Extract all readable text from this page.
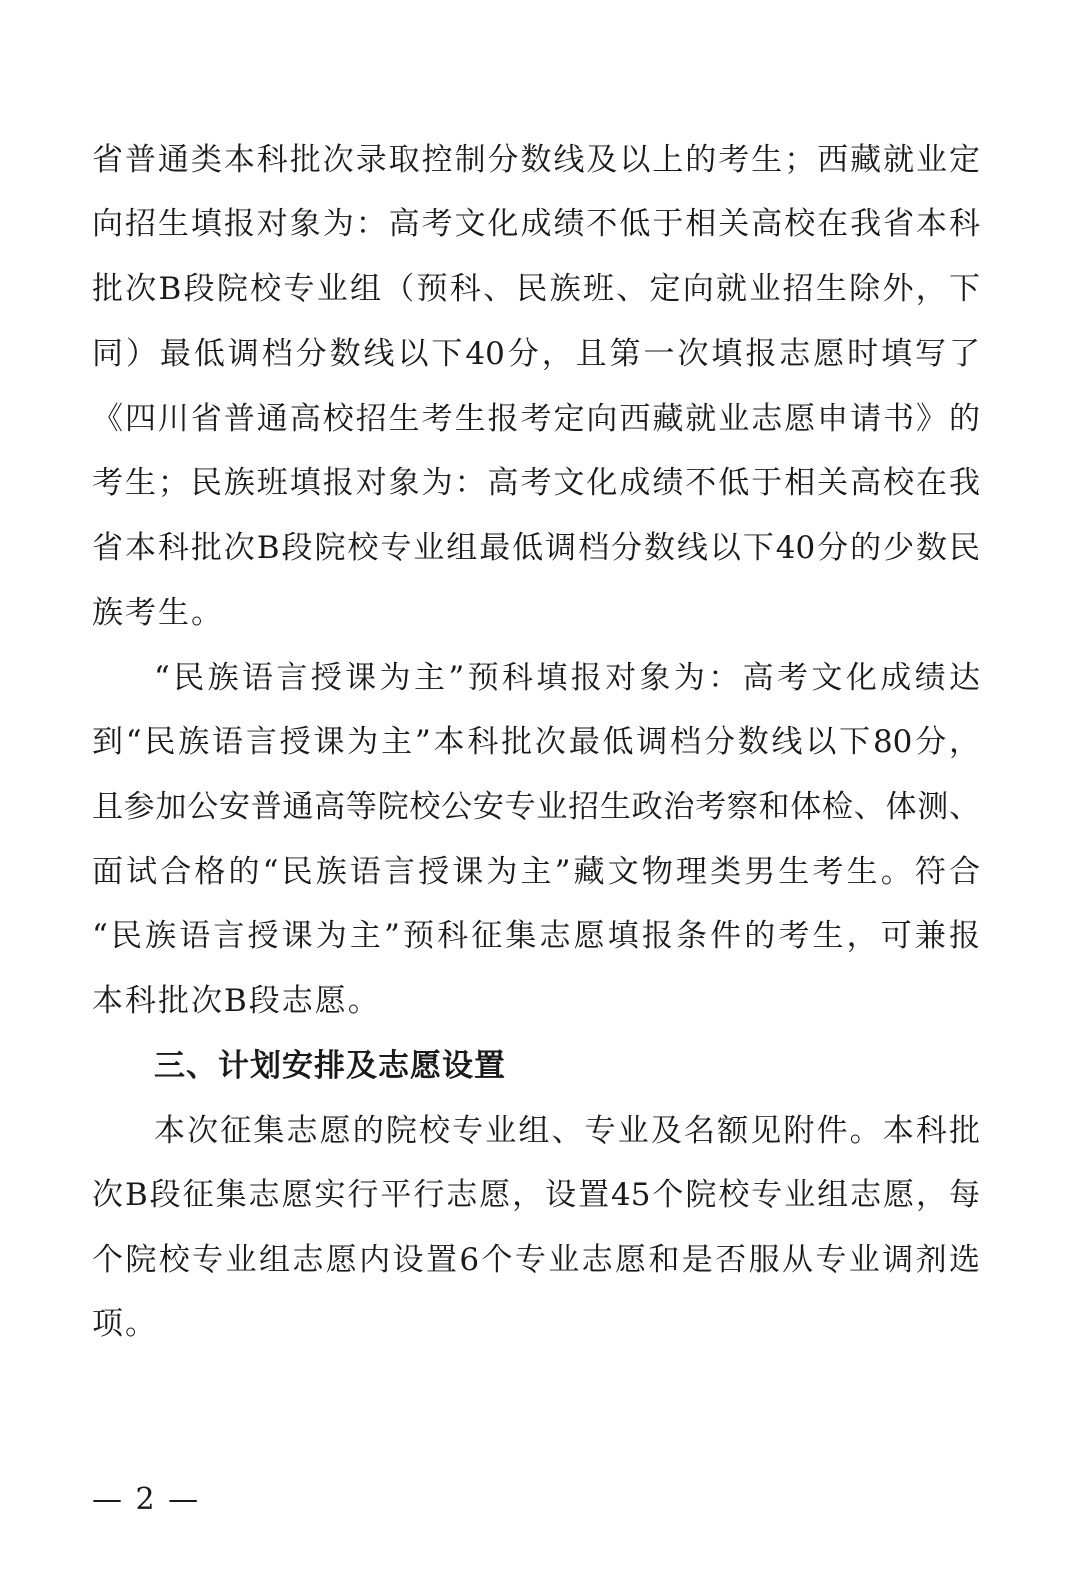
省普通类本科批次录取控制分数线及以上的考生；西藏就业定
向招生填报对象为：高考文化成绩不低于相关高校在我省本科
批次B段院校专业组（预科、民族班、定向就业招生除外，下
同）最低调档分数线以下40分，且第一次填报志愿时填写了
《四川省普通高校招生考生报考定向西藏就业志愿申请书》的
考生；民族班填报对象为：高考文化成绩不低于相关高校在我
省本科批次B段院校专业组最低调档分数线以下40分的少数民
族考生。
“民族语言授课为主”预科填报对象为：高考文化成绩达
到“民族语言授课为主”本科批次最低调档分数线以下80分，
且参加公安普通高等院校公安专业招生政治考察和体检、体测、
面试合格的“民族语言授课为主”藏文物理类男生考生。符合
“民族语言授课为主”预科征集志愿填报条件的考生，可兼报
本科批次B段志愿。
三、计划安排及志愿设置
本次征集志愿的院校专业组、专业及名额见附件。本科批
次B段征集志愿实行平行志愿，设置45个院校专业组志愿，每
个院校专业组志愿内设置6个专业志愿和是否服从专业调剂选
项。
— 2 —
